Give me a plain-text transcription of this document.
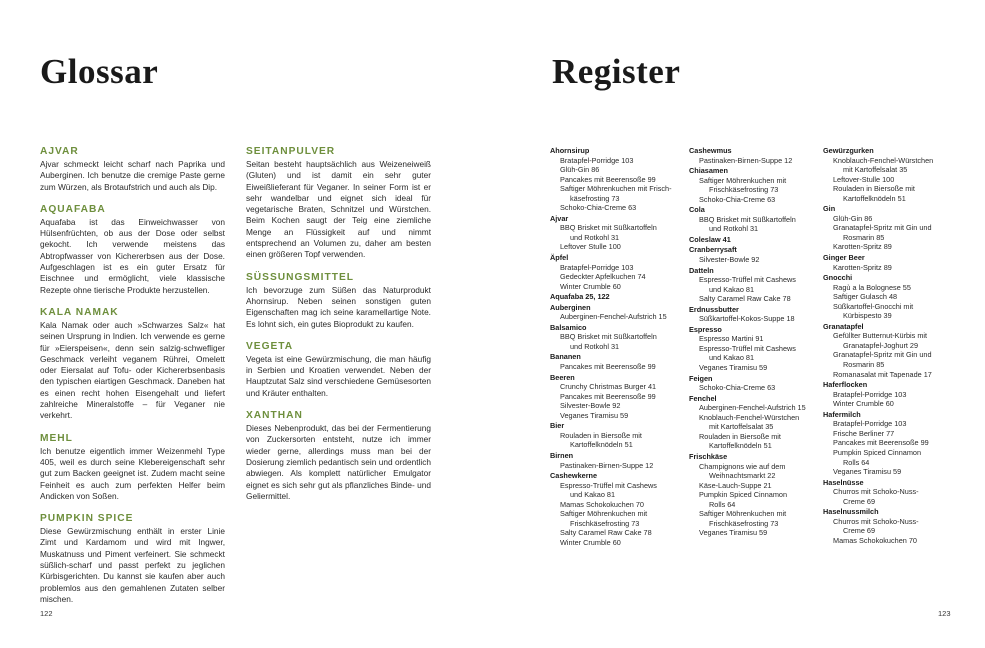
Glossar
AJVAR

Ajvar schmeckt leicht scharf nach Paprika und Auberginen. Ich benutze die cremige Paste gerne zum Würzen, als Brotaufstrich und auch als Dip.

AQUAFABA

Aquafaba ist das Einweichwasser von Hülsenfrüchten, ob aus der Dose oder selbst gekocht. Ich verwende meistens das Abtropfwasser von Kichererbsen aus der Dose. Aufgeschlagen ist es ein guter Ersatz für Eischnee und ermöglicht, viele klassische Rezepte ohne tierische Produkte herzustellen.

KALA NAMAK

Kala Namak oder auch »Schwarzes Salz« hat seinen Ursprung in Indien. Ich verwende es gerne für »Eierspeisen«, denn sein salzig-schwefliger Geschmack verleiht veganem Rührei, Omelett oder Eiersalat auf Tofu- oder Kichererbsenbasis den typischen eiartigen Geschmack. Daneben hat es einen recht hohen Eisengehalt und liefert zahlreiche Mineralstoffe – für Veganer nie verkehrt.

MEHL

Ich benutze eigentlich immer Weizenmehl Type 405, weil es durch seine Klebereigenschaft sehr gut zum Backen geeignet ist. Zudem macht seine Feinheit es auch zum perfekten Helfer beim Andicken von Soßen.

PUMPKIN SPICE

Diese Gewürzmischung enthält in erster Linie Zimt und Kardamom und wird mit Ingwer, Muskatnuss und Piment verfeinert. Sie schmeckt süßlich-scharf und passt perfekt zu jeglichen Kürbisgerichten. Du kannst sie kaufen aber auch problemlos aus den gemahlenen Zutaten selber mischen.

SEITANPULVER

Seitan besteht hauptsächlich aus Weizeneiweiß (Gluten) und ist damit ein sehr guter Eiweißlieferant für Veganer. In seiner Form ist er sehr wandelbar und eignet sich ideal für vegetarische Braten, Schnitzel und Würstchen. Beim Kochen saugt der Teig eine ziemliche Menge an Flüssigkeit auf und nimmt entsprechend an Volumen zu, daher am besten einen größeren Topf verwenden.

SÜSSUNGSMITTEL

Ich bevorzuge zum Süßen das Naturprodukt Ahornsirup. Neben seinen sonstigen guten Eigenschaften mag ich seine karamellartige Note. Es lohnt sich, ein gutes Bioprodukt zu kaufen.

VEGETA

Vegeta ist eine Gewürzmischung, die man häufig in Serbien und Kroatien verwendet. Neben der Hauptzutat Salz sind verschiedene Gemüsesorten und Kräuter enthalten.

XANTHAN

Dieses Nebenprodukt, das bei der Fermentierung von Zuckersorten entsteht, nutze ich immer wieder gerne, allerdings muss man bei der Dosierung ziemlich pedantisch sein und ordentlich abwiegen. Als komplett natürlicher Emulgator eignet es sich sehr gut als pflanzliches Binde- und Geliermittel.

122
Register
Ahornsirup
Bratapfel-Porridge 103
Glüh-Gin 86
Pancakes mit Beerensoße 99
Saftiger Möhrenkuchen mit Frisch-
käsefrosting 73
Schoko-Chia-Creme 63
Ajvar
BBQ Brisket mit Süßkartoffeln
und Rotkohl 31
Leftover Stulle 100
Äpfel
Bratapfel-Porridge 103
Gedeckter Apfelkuchen 74
Winter Crumble 60
Aquafaba 25, 122
Auberginen
Auberginen-Fenchel-Aufstrich 15
Balsamico
BBQ Brisket mit Süßkartoffeln
und Rotkohl 31
Bananen
Pancakes mit Beerensoße 99
Beeren
Crunchy Christmas Burger 41
Pancakes mit Beerensoße 99
Silvester-Bowle 92
Veganes Tiramisu 59
Bier
Rouladen in Biersoße mit
Kartoffelknödeln 51
Birnen
Pastinaken-Birnen-Suppe 12
Cashewkerne
Espresso-Trüffel mit Cashews
und Kakao 81
Mamas Schokokuchen 70
Saftiger Möhrenkuchen mit
Frischkäsefrosting 73
Salty Caramel Raw Cake 78
Winter Crumble 60
Cashewmus
Pastinaken-Birnen-Suppe 12
Chiasamen
Saftiger Möhrenkuchen mit
Frischkäsefrosting 73
Schoko-Chia-Creme 63
Cola
BBQ Brisket mit Süßkartoffeln
und Rotkohl 31
Coleslaw 41
Cranberrysaft
Silvester-Bowle 92
Datteln
Espresso-Trüffel mit Cashews
und Kakao 81
Salty Caramel Raw Cake 78
Erdnussbutter
Süßkartoffel-Kokos-Suppe 18
Espresso
Espresso Martini 91
Espresso-Trüffel mit Cashews
und Kakao 81
Veganes Tiramisu 59
Feigen
Schoko-Chia-Creme 63
Fenchel
Auberginen-Fenchel-Aufstrich 15
Knoblauch-Fenchel-Würstchen
mit Kartoffelsalat 35
Rouladen in Biersoße mit
Kartoffelknödeln 51
Frischkäse
Champignons wie auf dem
Weihnachtsmarkt 22
Käse-Lauch-Suppe 21
Pumpkin Spiced Cinnamon
Rolls 64
Saftiger Möhrenkuchen mit
Frischkäsefrosting 73
Veganes Tiramisu 59
Gewürzgurken
Knoblauch-Fenchel-Würstchen
mit Kartoffelsalat 35
Leftover-Stulle 100
Rouladen in Biersoße mit
Kartoffelknödeln 51
Gin
Glüh-Gin 86
Granatapfel-Spritz mit Gin und
Rosmarin 85
Karotten-Spritz 89
Ginger Beer
Karotten-Spritz 89
Gnocchi
Ragù a la Bolognese 55
Saftiger Gulasch 48
Süßkartoffel-Gnocchi mit
Kürbispesto 39
Granatapfel
Gefüllter Butternut-Kürbis mit
Granatapfel-Joghurt 29
Granatapfel-Spritz mit Gin und
Rosmarin 85
Romanasalat mit Tapenade 17
Haferflocken
Bratapfel-Porridge 103
Winter Crumble 60
Hafermilch
Bratapfel-Porridge 103
Frische Berliner 77
Pancakes mit Beerensoße 99
Pumpkin Spiced Cinnamon
Rolls 64
Veganes Tiramisu 59
Haselnüsse
Churros mit Schoko-Nuss-
Creme 69
Haselnussmilch
Churros mit Schoko-Nuss-
Creme 69
Mamas Schokokuchen 70
123
